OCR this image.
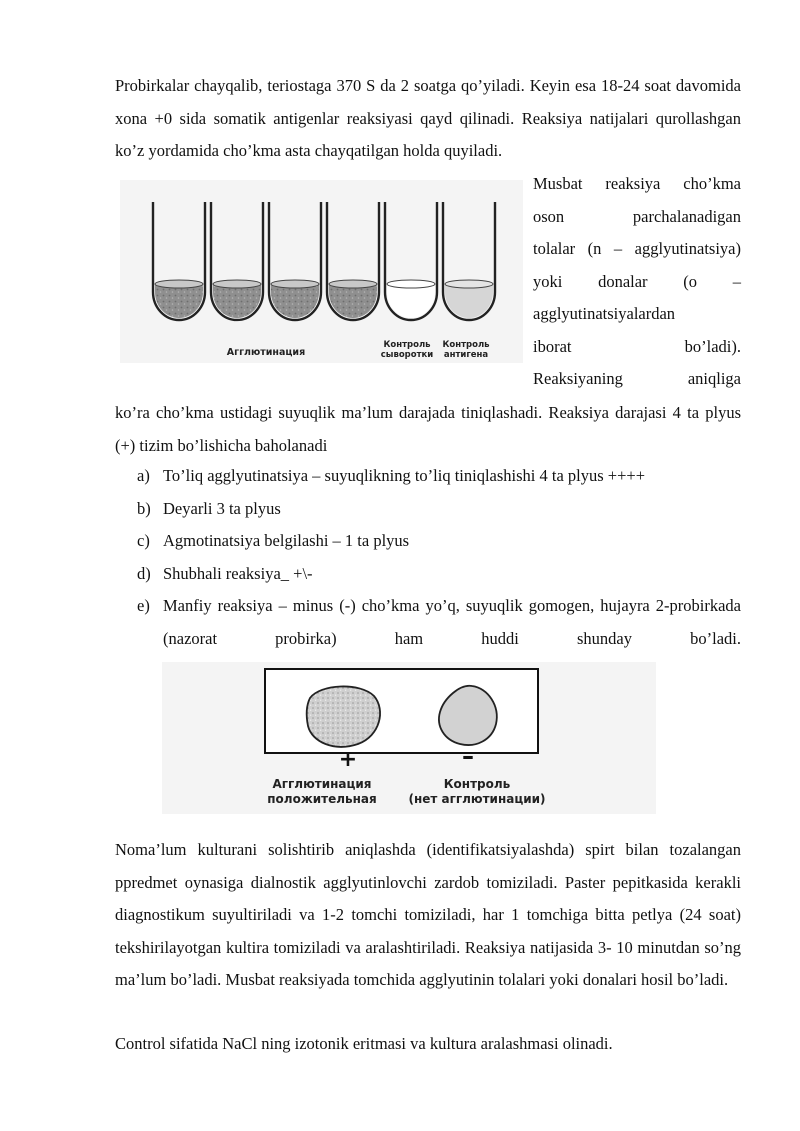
Probirkalar chayqalib, teriostaga 370 S da 2 soatga qo’yiladi. Keyin esa 18-24 soat davomida xona +0 sida somatik antigenlar reaksiyasi qayd qilinadi. Reaksiya natijalari qurollashgan ko’z yordamida cho’kma asta chayqatilgan holda quyiladi.

Агглютинация
Контроль
сыворотки
Контроль
антигена
Musbat reaksiya cho’kma
oson parchalanadigan
tolalar (n – agglyutinatsiya)
yoki donalar (o –
agglyutinatsiyalardan
iborat bo’ladi).
Reaksiyaning aniqliga

ko’ra cho’kma ustidagi suyuqlik ma’lum darajada tiniqlashadi. Reaksiya darajasi 4 ta plyus (+) tizim bo’lishicha baholanadi

a) To’liq agglyutinatsiya – suyuqlikning to’liq tiniqlashishi 4 ta plyus ++++
b) Deyarli 3 ta plyus
c) Agmotinatsiya belgilashi – 1 ta plyus
d) Shubhali reaksiya_ +\-
e) Manfiy reaksiya – minus (-) cho’kma yo’q, suyuqlik gomogen, hujayra 2-probirkada (nazorat probirka) ham huddi shunday bo’ladi.
+	–
Агглютинация
положительная
Контроль
(нет агглютинации)

Noma’lum kulturani solishtirib aniqlashda (identifikatsiyalashda) spirt bilan tozalangan ppredmet oynasiga dialnostik agglyutinlovchi zardob tomiziladi. Paster pepitkasida kerakli diagnostikum suyultiriladi va 1-2 tomchi tomiziladi, har 1 tomchiga bitta petlya (24 soat) tekshirilayotgan kultira tomiziladi va aralashtiriladi. Reaksiya natijasida 3- 10 minutdan so’ng ma’lum bo’ladi. Musbat reaksiyada tomchida agglyutinin tolalari yoki donalari hosil bo’ladi.

Control sifatida NaCl ning izotonik eritmasi va kultura aralashmasi olinadi.
